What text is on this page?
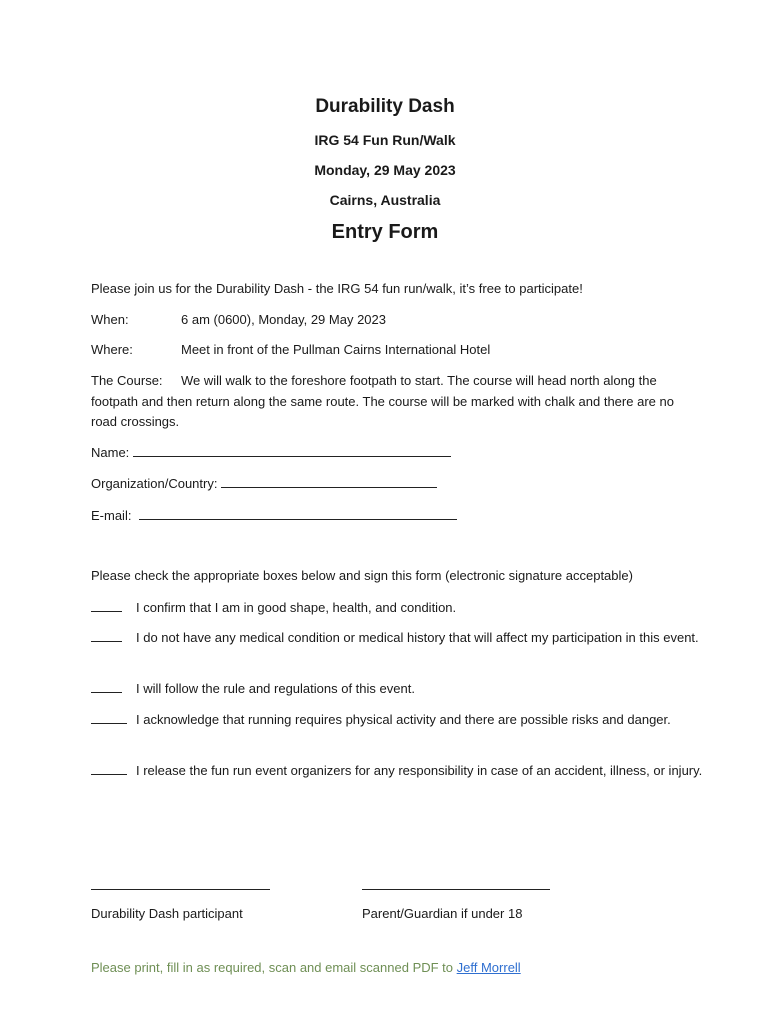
Durability Dash
IRG 54 Fun Run/Walk
Monday, 29 May 2023
Cairns, Australia
Entry Form
Please join us for the Durability Dash - the IRG 54 fun run/walk, it’s free to participate!
When:	6 am (0600), Monday, 29 May 2023
Where:	Meet in front of the Pullman Cairns International Hotel
The Course: We will walk to the foreshore footpath to start. The course will head north along the footpath and then return along the same route. The course will be marked with chalk and there are no road crossings.
Name:
Organization/Country:
E-mail:
Please check the appropriate boxes below and sign this form (electronic signature acceptable)
I confirm that I am in good shape, health, and condition.
I do not have any medical condition or medical history that will affect my participation in this event.
I will follow the rule and regulations of this event.
I acknowledge that running requires physical activity and there are possible risks and danger.
I release the fun run event organizers for any responsibility in case of an accident, illness, or injury.
Durability Dash participant	Parent/Guardian if under 18
Please print, fill in as required, scan and email scanned PDF to Jeff Morrell
